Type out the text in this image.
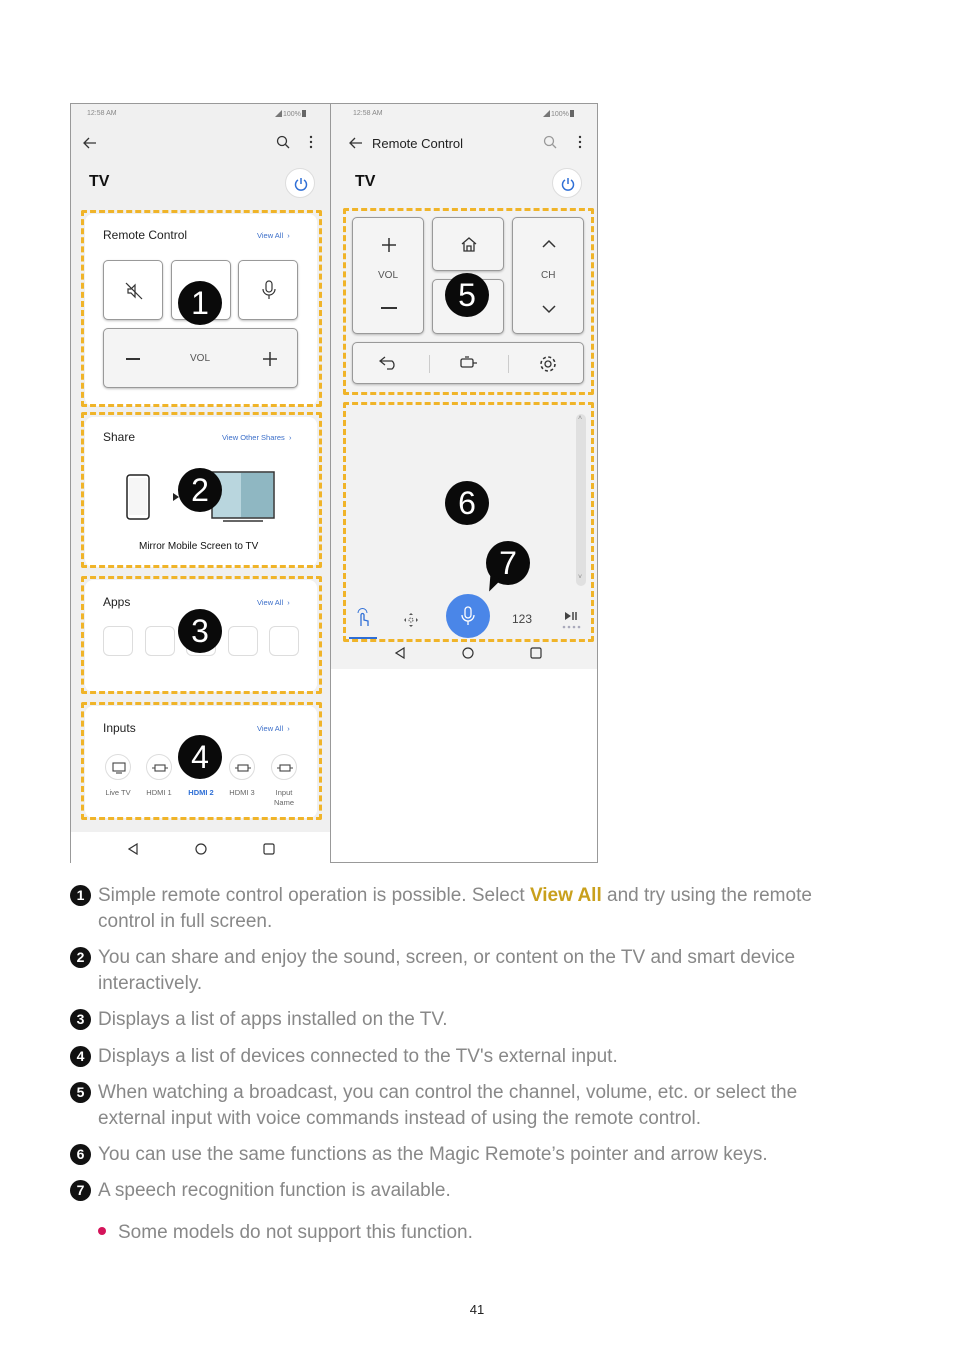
12:58 AM	100%
TV
Remote Control	View All  ›
VOL
Share	View Other Shares  ›
Mirror Mobile Screen to TV
Apps	View All  ›
Inputs	View All  ›
Live TV	HDMI 1	HDMI 2	HDMI 3	Input
Name
12:58 AM	100%
Remote Control
TV
VOL	CH
˄
˅
123
1
2
3
4
5
6
7
1 Simple remote control operation is possible. Select View All and try using the remote control in full screen.
2 You can share and enjoy the sound, screen, or content on the TV and smart device interactively.
3 Displays a list of apps installed on the TV.
4 Displays a list of devices connected to the TV's external input.
5 When watching a broadcast, you can control the channel, volume, etc. or select the external input with voice commands instead of using the remote control.
6 You can use the same functions as the Magic Remote’s pointer and arrow keys.
7 A speech recognition function is available.
Some models do not support this function.
41
